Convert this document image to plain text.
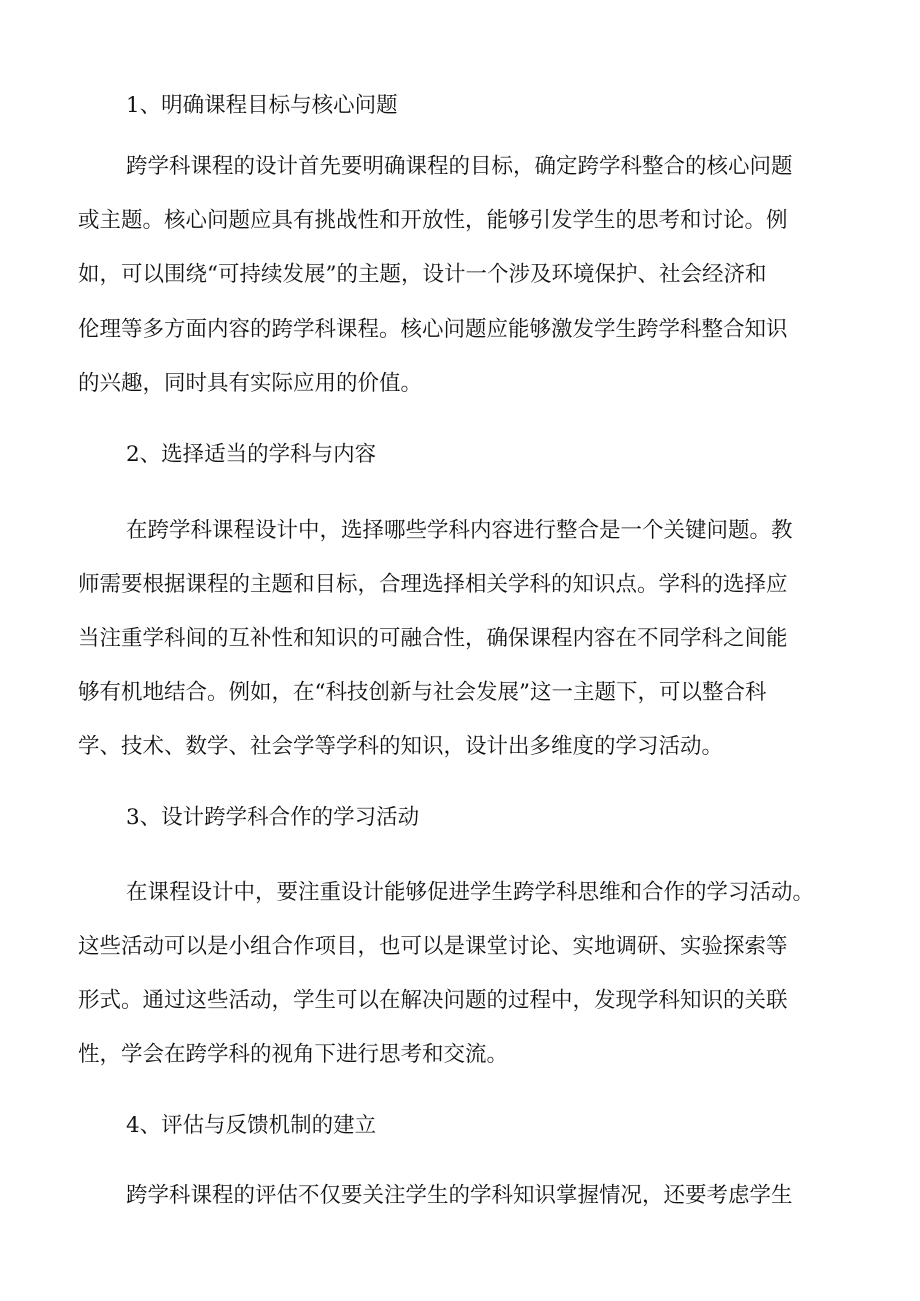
1、明确课程目标与核心问题
跨学科课程的设计首先要明确课程的目标，确定跨学科整合的核心问题
或主题。核心问题应具有挑战性和开放性，能够引发学生的思考和讨论。例
如，可以围绕“可持续发展”的主题，设计一个涉及环境保护、社会经济和
伦理等多方面内容的跨学科课程。核心问题应能够激发学生跨学科整合知识
的兴趣，同时具有实际应用的价值。
2、选择适当的学科与内容
在跨学科课程设计中，选择哪些学科内容进行整合是一个关键问题。教
师需要根据课程的主题和目标，合理选择相关学科的知识点。学科的选择应
当注重学科间的互补性和知识的可融合性，确保课程内容在不同学科之间能
够有机地结合。例如，在“科技创新与社会发展”这一主题下，可以整合科
学、技术、数学、社会学等学科的知识，设计出多维度的学习活动。
3、设计跨学科合作的学习活动
在课程设计中，要注重设计能够促进学生跨学科思维和合作的学习活动。
这些活动可以是小组合作项目，也可以是课堂讨论、实地调研、实验探索等
形式。通过这些活动，学生可以在解决问题的过程中，发现学科知识的关联
性，学会在跨学科的视角下进行思考和交流。
4、评估与反馈机制的建立
跨学科课程的评估不仅要关注学生的学科知识掌握情况，还要考虑学生
